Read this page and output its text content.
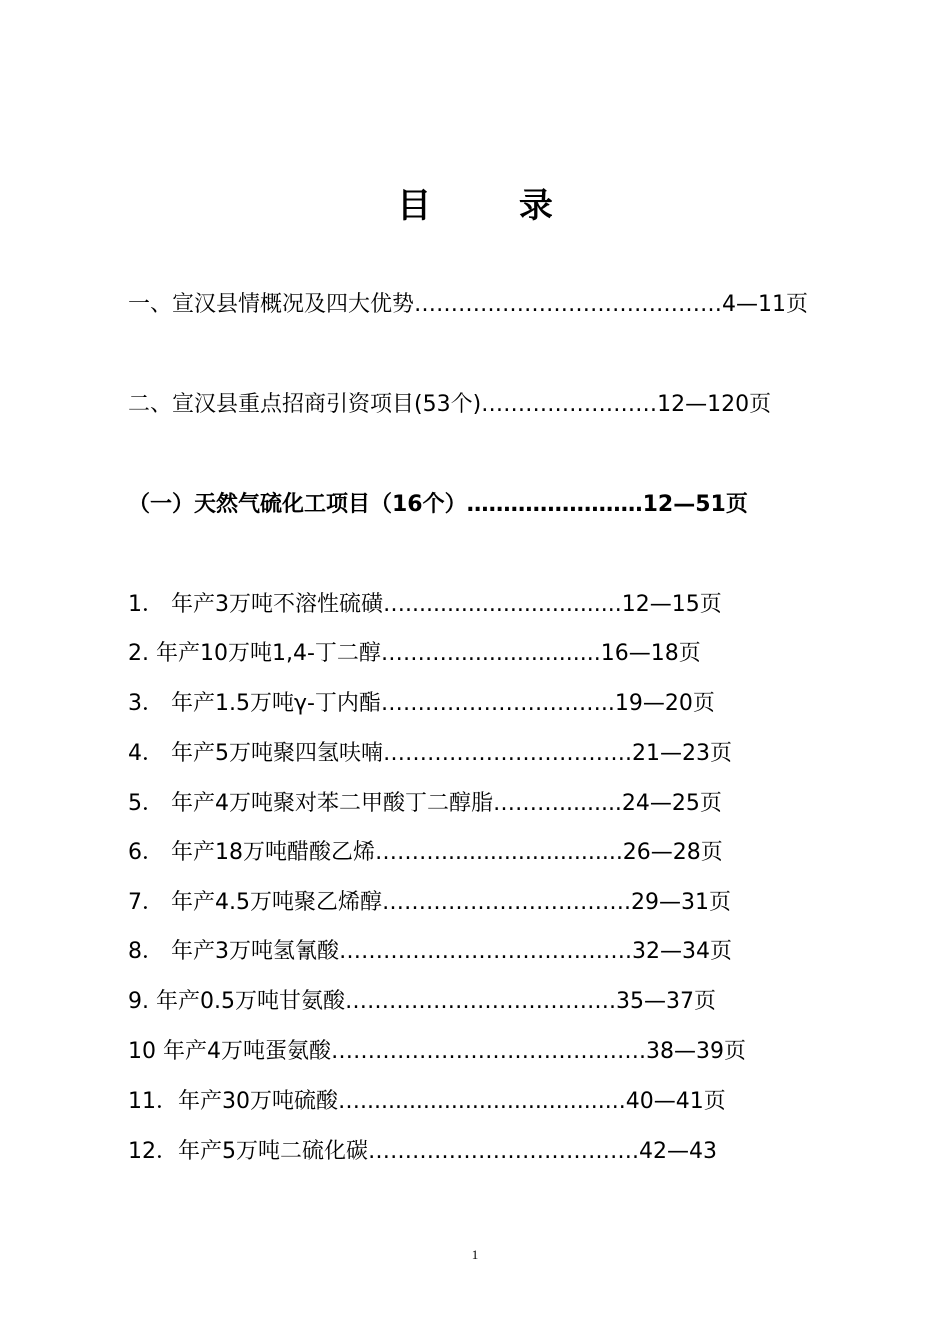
目 录
一、宣汉县情概况及四大优势……………………………………4—11页
二、宣汉县重点招商引资项目(53个)……………………12—120页
（一）天然气硫化工项目（16个）……………………12—51页
1． 年产3万吨不溶性硫磺…...............................12—15页
2. 年产10万吨1,4-丁二醇………......................16—18页
3． 年产1.5万吨γ-丁内酯…………………………..19—20页
4． 年产5万吨聚四氢呋喃…………………………….21—23页
5． 年产4万吨聚对苯二甲酸丁二醇脂……….........24—25页
6． 年产18万吨醋酸乙烯………..........................26—28页
7． 年产4.5万吨聚乙烯醇…………………………….29—31页
8． 年产3万吨氢氰酸………………………………….32—34页
9. 年产0.5万吨甘氨酸……………………………….35—37页
10 年产4万吨蛋氨酸…………………………………….38—39页
11．年产30万吨硫酸…......................................40—41页
12．年产5万吨二硫化碳……………………………….42—43
1
